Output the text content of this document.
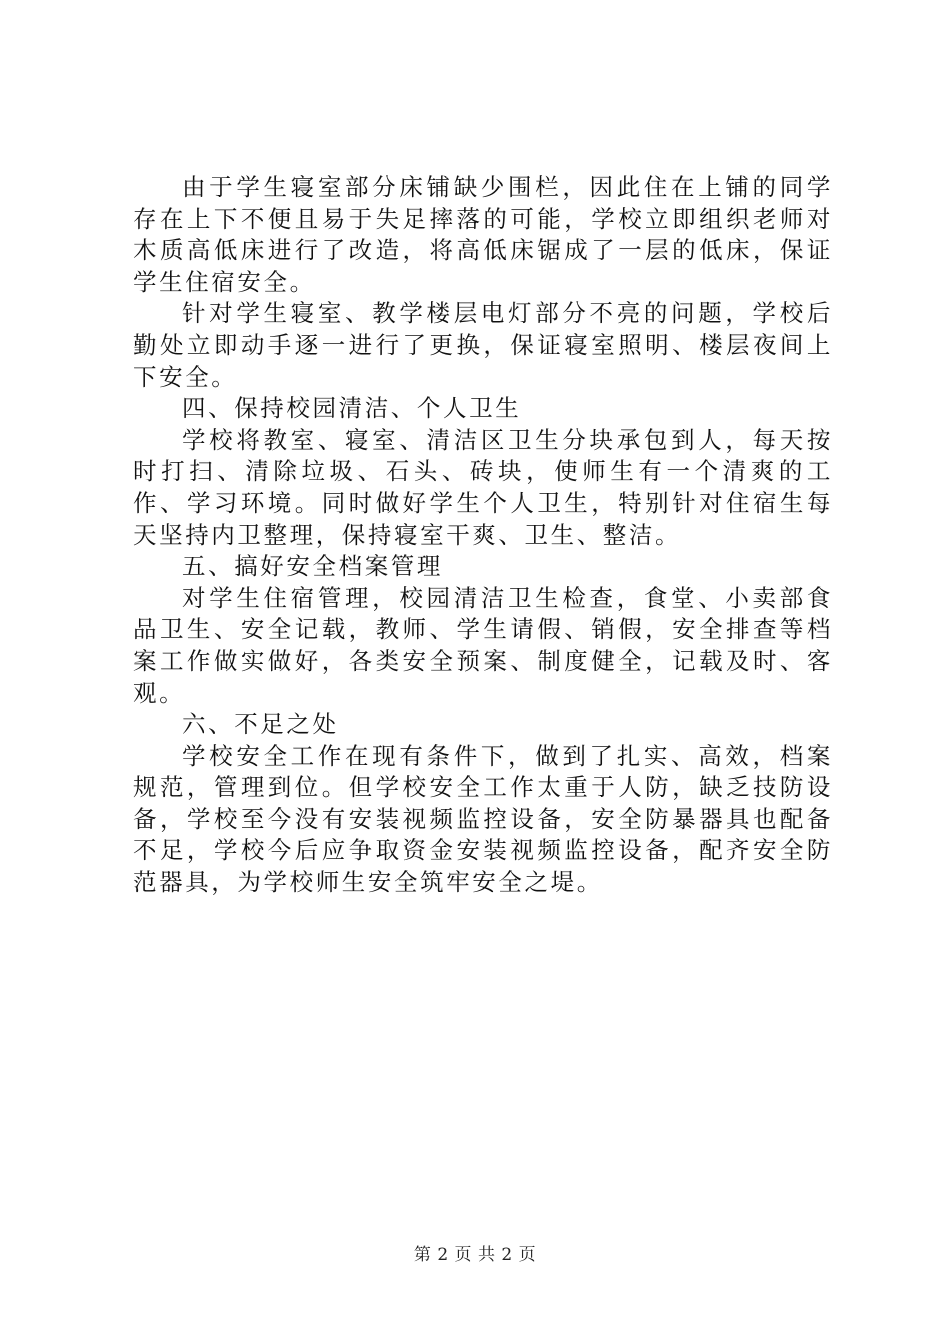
由于学生寝室部分床铺缺少围栏，因此住在上铺的同学存在上下不便且易于失足摔落的可能，学校立即组织老师对木质高低床进行了改造，将高低床锯成了一层的低床，保证学生住宿安全。

针对学生寝室、教学楼层电灯部分不亮的问题，学校后勤处立即动手逐一进行了更换，保证寝室照明、楼层夜间上下安全。

四、保持校园清洁、个人卫生

学校将教室、寝室、清洁区卫生分块承包到人，每天按时打扫、清除垃圾、石头、砖块，使师生有一个清爽的工作、学习环境。同时做好学生个人卫生，特别针对住宿生每天坚持内卫整理，保持寝室干爽、卫生、整洁。

五、搞好安全档案管理

对学生住宿管理，校园清洁卫生检查，食堂、小卖部食品卫生、安全记载，教师、学生请假、销假，安全排查等档案工作做实做好，各类安全预案、制度健全，记载及时、客观。

六、不足之处

学校安全工作在现有条件下，做到了扎实、高效，档案规范，管理到位。但学校安全工作太重于人防，缺乏技防设备，学校至今没有安装视频监控设备，安全防暴器具也配备不足，学校今后应争取资金安装视频监控设备，配齐安全防范器具，为学校师生安全筑牢安全之堤。

第 2 页 共 2 页
